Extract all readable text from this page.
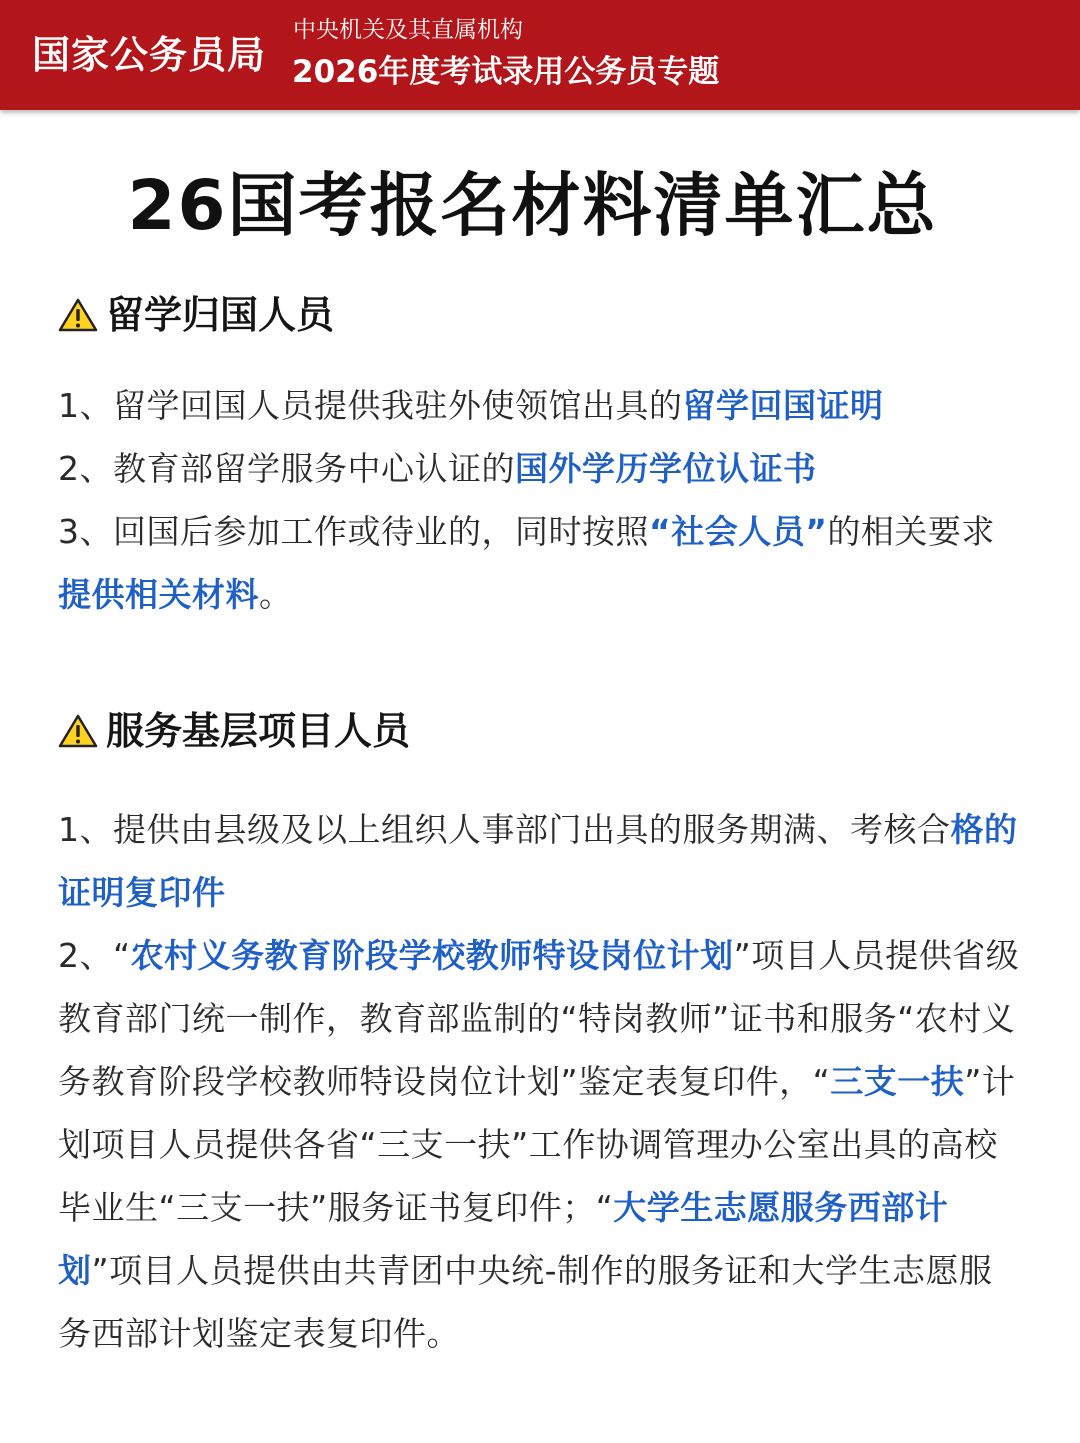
国家公务员局
中央机关及其直属机构
2026年度考试录用公务员专题
26国考报名材料清单汇总
留学归国人员

1、留学回国人员提供我驻外使领馆出具的留学回国证明

2、教育部留学服务中心认证的国外学历学位认证书

3、回国后参加工作或待业的，同时按照“社会人员”的相关要求提供相关材料。

服务基层项目人员

1、提供由县级及以上组织人事部门出具的服务期满、考核合格的证明复印件

2、“农村义务教育阶段学校教师特设岗位计划”项目人员提供省级教育部门统一制作，教育部监制的“特岗教师”证书和服务“农村义务教育阶段学校教师特设岗位计划”鉴定表复印件，“三支一扶”计划项目人员提供各省“三支一扶”工作协调管理办公室出具的高校毕业生“三支一扶”服务证书复印件；“大学生志愿服务西部计划”项目人员提供由共青团中央统-制作的服务证和大学生志愿服务西部计划鉴定表复印件。
